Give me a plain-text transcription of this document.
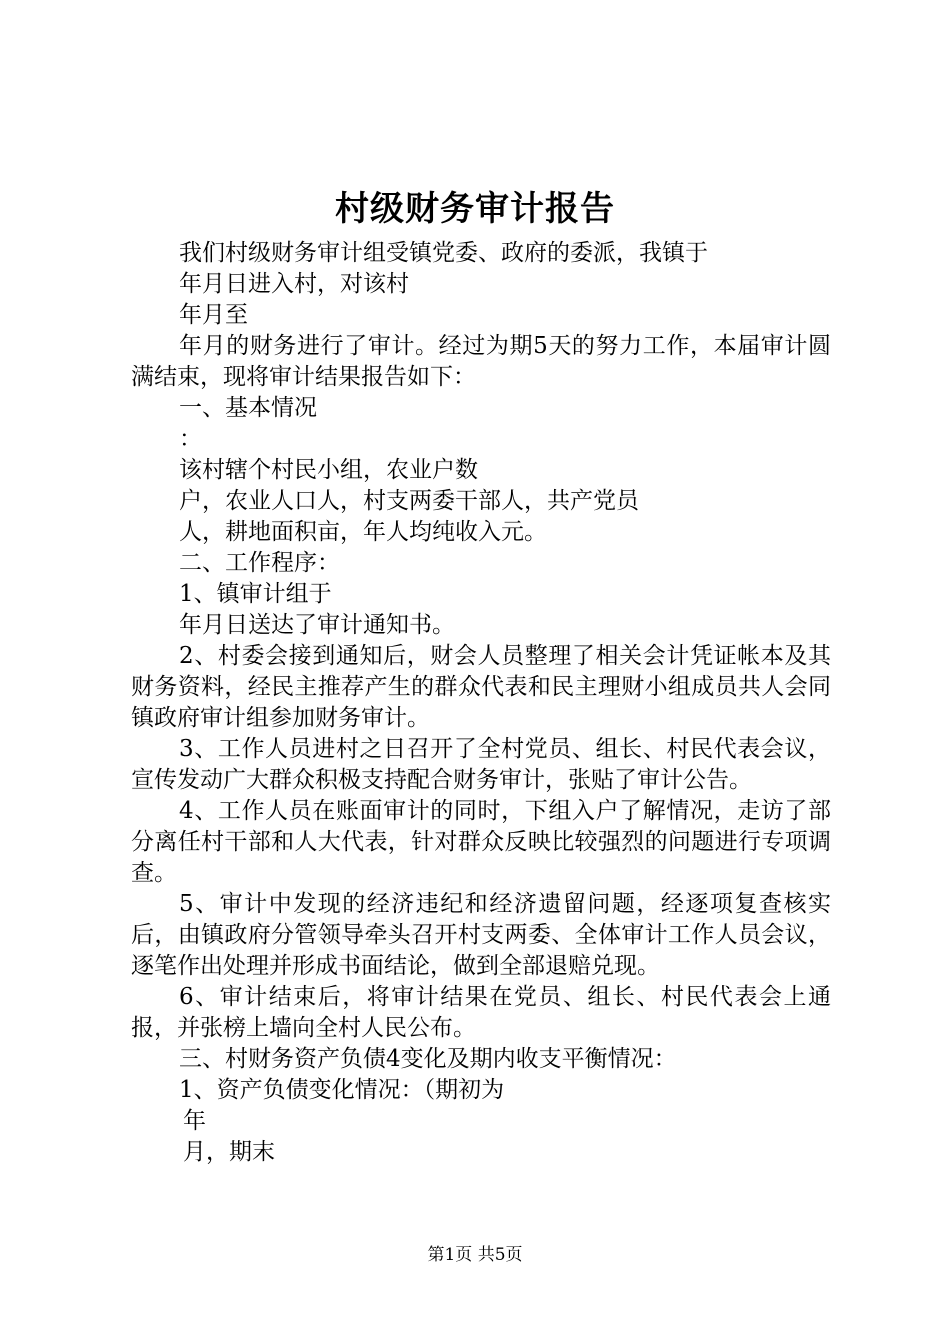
村级财务审计报告

我们村级财务审计组受镇党委、政府的委派，我镇于

年月日进入村，对该村

年月至

年月的财务进行了审计。经过为期5天的努力工作，本届审计圆满结束，现将审计结果报告如下：

一、基本情况

：

该村辖个村民小组，农业户数

户，农业人口人，村支两委干部人，共产党员

人，耕地面积亩，年人均纯收入元。

二、工作程序：

1、镇审计组于

年月日送达了审计通知书。

2、村委会接到通知后，财会人员整理了相关会计凭证帐本及其财务资料，经民主推荐产生的群众代表和民主理财小组成员共人会同镇政府审计组参加财务审计。

3、工作人员进村之日召开了全村党员、组长、村民代表会议，宣传发动广大群众积极支持配合财务审计，张贴了审计公告。

4、工作人员在账面审计的同时，下组入户了解情况，走访了部分离任村干部和人大代表，针对群众反映比较强烈的问题进行专项调查。

5、审计中发现的经济违纪和经济遗留问题，经逐项复查核实后，由镇政府分管领导牵头召开村支两委、全体审计工作人员会议，逐笔作出处理并形成书面结论，做到全部退赔兑现。

6、审计结束后，将审计结果在党员、组长、村民代表会上通报，并张榜上墙向全村人民公布。

三、村财务资产负债4变化及期内收支平衡情况：

1、资产负债变化情况：（期初为

年

月，期末

第1页 共5页
